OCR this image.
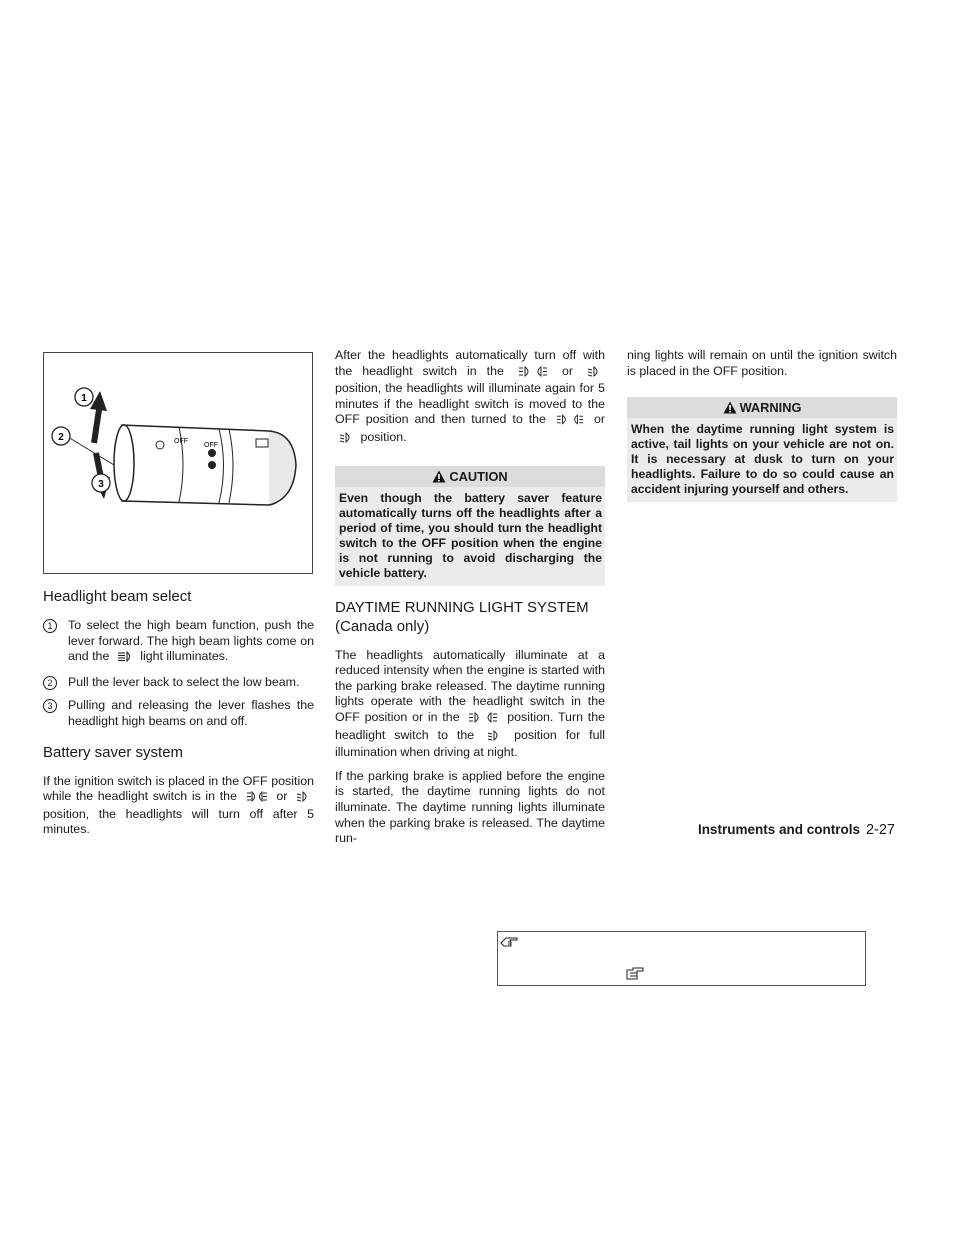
OFF
OFF
1
2
3
Headlight beam select
1	To select the high beam function, push the lever forward. The high beam lights come on and the light illuminates.
2	Pull the lever back to select the low beam.
3	Pulling and releasing the lever flashes the headlight high beams on and off.
Battery saver system

If the ignition switch is placed in the OFF position while the headlight switch is in the	or  position, the headlights will turn off after 5 minutes.

After the headlights automatically turn off with the headlight switch in the	or  position, the headlights will illuminate again for 5 minutes if the headlight switch is moved to the OFF position and then turned to the	or  position.

CAUTION
Even though the battery saver feature automatically turns off the headlights after a period of time, you should turn the headlight switch to the OFF position when the engine is not running to avoid discharging the vehicle battery.
DAYTIME RUNNING LIGHT SYSTEM (Canada only)

The headlights automatically illuminate at a reduced intensity when the engine is started with the parking brake released. The daytime running lights operate with the headlight switch in the OFF position or in the	position. Turn the headlight switch to the	position for full illumination when driving at night.

If the parking brake is applied before the engine is started, the daytime running lights do not illuminate. The daytime running lights illuminate when the parking brake is released. The daytime run-

ning lights will remain on until the ignition switch is placed in the OFF position.

WARNING
When the daytime running light system is active, tail lights on your vehicle are not on. It is necessary at dusk to turn on your headlights. Failure to do so could cause an accident injuring yourself and others.
Instruments and controls 2-27
